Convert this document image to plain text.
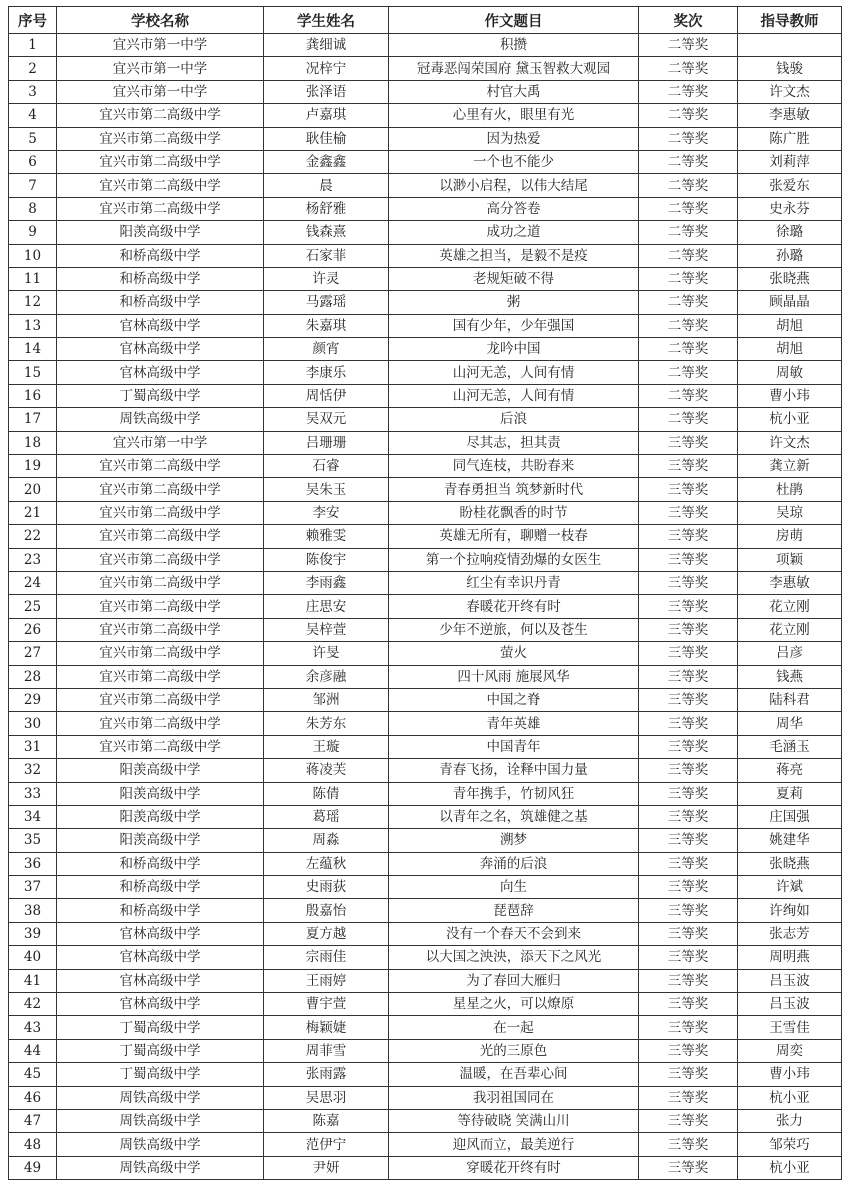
序号	学校名称	学生姓名	作文题目	奖次	指导教师
1	宜兴市第一中学	龚细诚	积攒	二等奖	
2	宜兴市第一中学	况梓宁	冠毒恶闯荣国府 黛玉智救大观园	二等奖	钱骏
3	宜兴市第一中学	张泽语	村官大禹	二等奖	许文杰
4	宜兴市第二高级中学	卢嘉琪	心里有火，眼里有光	二等奖	李惠敏
5	宜兴市第二高级中学	耿佳榆	因为热爱	二等奖	陈广胜
6	宜兴市第二高级中学	金鑫鑫	一个也不能少	二等奖	刘莉萍
7	宜兴市第二高级中学	晨	以渺小启程，以伟大结尾	二等奖	张爱东
8	宜兴市第二高级中学	杨舒雅	高分答卷	二等奖	史永芬
9	阳羡高级中学	钱森熹	成功之道	二等奖	徐璐
10	和桥高级中学	石家菲	英雄之担当，是毅不是疫	二等奖	孙璐
11	和桥高级中学	许灵	老规矩破不得	二等奖	张晓燕
12	和桥高级中学	马露瑶	粥	二等奖	顾晶晶
13	官林高级中学	朱嘉琪	国有少年，少年强国	二等奖	胡旭
14	官林高级中学	颜宵	龙吟中国	二等奖	胡旭
15	官林高级中学	李康乐	山河无恙，人间有情	二等奖	周敏
16	丁蜀高级中学	周恬伊	山河无恙，人间有情	二等奖	曹小玮
17	周铁高级中学	吴双元	后浪	二等奖	杭小亚
18	宜兴市第一中学	吕珊珊	尽其志，担其责	三等奖	许文杰
19	宜兴市第二高级中学	石睿	同气连枝，共盼春来	三等奖	龚立新
20	宜兴市第二高级中学	吴朱玉	青春勇担当 筑梦新时代	三等奖	杜鹃
21	宜兴市第二高级中学	李安	盼桂花飘香的时节	三等奖	吴琼
22	宜兴市第二高级中学	赖雅雯	英雄无所有，聊赠一枝春	三等奖	房萌
23	宜兴市第二高级中学	陈俊宇	第一个拉响疫情劲爆的女医生	三等奖	项颖
24	宜兴市第二高级中学	李雨鑫	红尘有幸识丹青	三等奖	李惠敏
25	宜兴市第二高级中学	庄思安	春暖花开终有时	三等奖	花立刚
26	宜兴市第二高级中学	吴梓萱	少年不逆旅，何以及苍生	三等奖	花立刚
27	宜兴市第二高级中学	许旻	萤火	三等奖	吕彦
28	宜兴市第二高级中学	余彦融	四十风雨 施展风华	三等奖	钱燕
29	宜兴市第二高级中学	邹洲	中国之脊	三等奖	陆科君
30	宜兴市第二高级中学	朱芳东	青年英雄	三等奖	周华
31	宜兴市第二高级中学	王璇	中国青年	三等奖	毛涵玉
32	阳羡高级中学	蒋凌芙	青春飞扬，诠释中国力量	三等奖	蒋亮
33	阳羡高级中学	陈倩	青年携手，竹韧风狂	三等奖	夏莉
34	阳羡高级中学	葛瑶	以青年之名，筑雄健之基	三等奖	庄国强
35	阳羡高级中学	周淼	溯梦	三等奖	姚建华
36	和桥高级中学	左蕴秋	奔涌的后浪	三等奖	张晓燕
37	和桥高级中学	史雨荻	向生	三等奖	许斌
38	和桥高级中学	殷嘉怡	琵琶辞	三等奖	许绚如
39	官林高级中学	夏方越	没有一个春天不会到来	三等奖	张志芳
40	官林高级中学	宗雨佳	以大国之泱泱，添天下之风光	三等奖	周明燕
41	官林高级中学	王雨婷	为了春回大雁归	三等奖	吕玉波
42	官林高级中学	曹宇萱	星星之火，可以燎原	三等奖	吕玉波
43	丁蜀高级中学	梅颖婕	在一起	三等奖	王雪佳
44	丁蜀高级中学	周菲雪	光的三原色	三等奖	周奕
45	丁蜀高级中学	张雨露	温暖，在吾辈心间	三等奖	曹小玮
46	周铁高级中学	吴思羽	我羽祖国同在	三等奖	杭小亚
47	周铁高级中学	陈嘉	等待破晓 笑满山川	三等奖	张力
48	周铁高级中学	范伊宁	迎风而立，最美逆行	三等奖	邹荣巧
49	周铁高级中学	尹妍	穿暖花开终有时	三等奖	杭小亚
